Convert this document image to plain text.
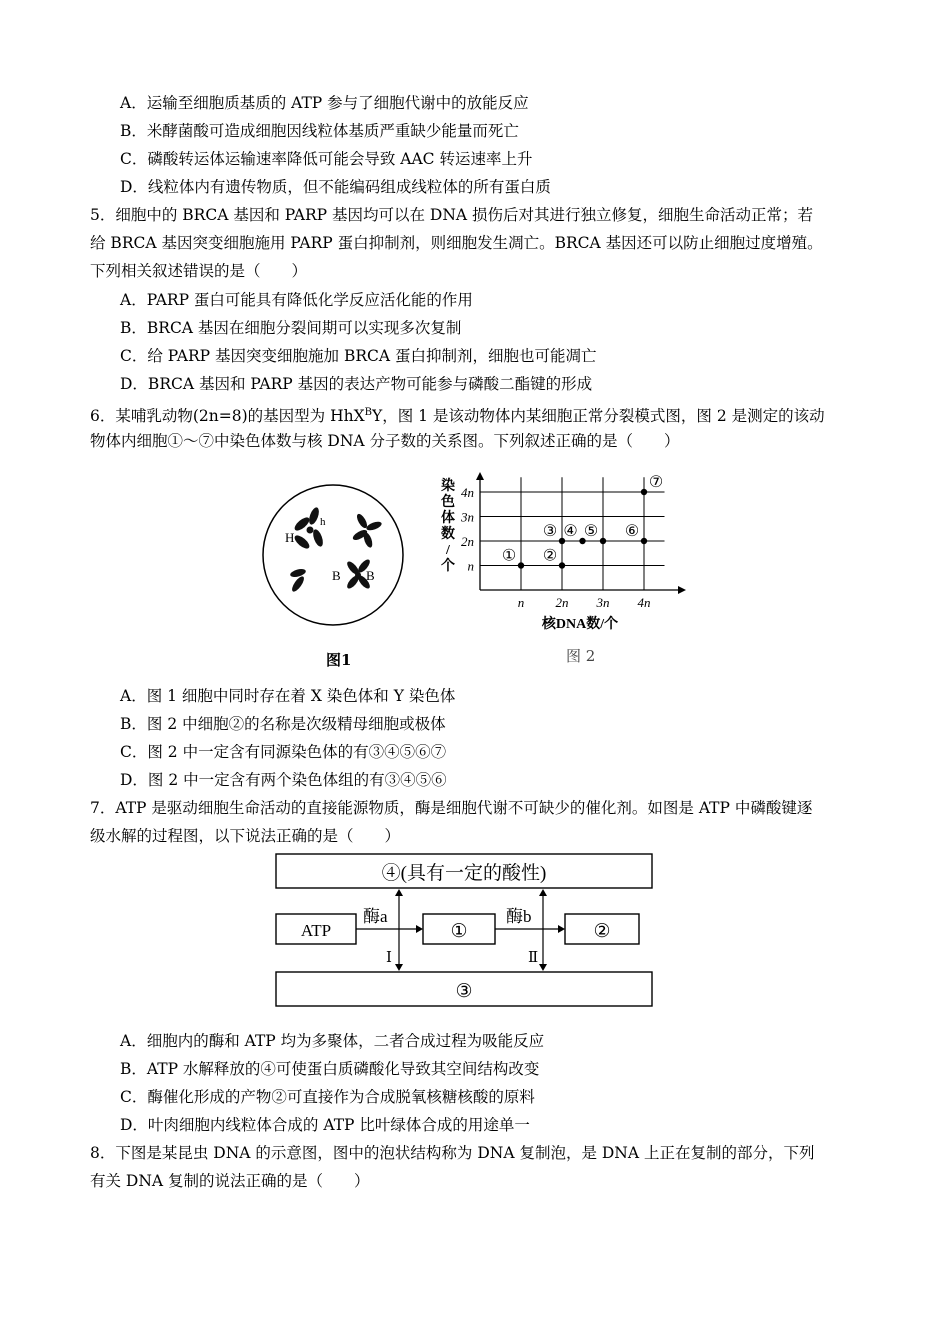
A．运输至细胞质基质的 ATP 参与了细胞代谢中的放能反应
B．米酵菌酸可造成细胞因线粒体基质严重缺少能量而死亡
C．磷酸转运体运输速率降低可能会导致 AAC 转运速率上升
D．线粒体内有遗传物质，但不能编码组成线粒体的所有蛋白质
5．细胞中的 BRCA 基因和 PARP 基因均可以在 DNA 损伤后对其进行独立修复，细胞生命活动正常；若
给 BRCA 基因突变细胞施用 PARP 蛋白抑制剂，则细胞发生凋亡。BRCA 基因还可以防止细胞过度增殖。
下列相关叙述错误的是（　　）
A．PARP 蛋白可能具有降低化学反应活化能的作用
B．BRCA 基因在细胞分裂间期可以实现多次复制
C．给 PARP 基因突变细胞施加 BRCA 蛋白抑制剂，细胞也可能凋亡
D．BRCA 基因和 PARP 基因的表达产物可能参与磷酸二酯键的形成
6．某哺乳动物(2n=8)的基因型为 HhX$^B$Y，图 1 是该动物体内某细胞正常分裂模式图，图 2 是测定的该动
物体内细胞①～⑦中染色体数与核 DNA 分子数的关系图。下列叙述正确的是（　　）
H
h
B B
图1
n
2n
3n
4n
n 2n 3n 4n
① ②
③ ④ ⑤ ⑥
⑦
核DNA数/个
染
色
体
数
/
个
图 2
A．图 1 细胞中同时存在着 X 染色体和 Y 染色体
B．图 2 中细胞②的名称是次级精母细胞或极体
C．图 2 中一定含有同源染色体的有③④⑤⑥⑦
D．图 2 中一定含有两个染色体组的有③④⑤⑥
7．ATP 是驱动细胞生命活动的直接能源物质，酶是细胞代谢不可缺少的催化剂。如图是 ATP 中磷酸键逐
级水解的过程图，以下说法正确的是（　　）
④(具有一定的酸性)
ATP
酶a
①
酶b
②
Ⅰ	Ⅱ
③
A．细胞内的酶和 ATP 均为多聚体，二者合成过程为吸能反应
B．ATP 水解释放的④可使蛋白质磷酸化导致其空间结构改变
C．酶催化形成的产物②可直接作为合成脱氧核糖核酸的原料
D．叶肉细胞内线粒体合成的 ATP 比叶绿体合成的用途单一
8．下图是某昆虫 DNA 的示意图，图中的泡状结构称为 DNA 复制泡，是 DNA 上正在复制的部分，下列
有关 DNA 复制的说法正确的是（　　）
